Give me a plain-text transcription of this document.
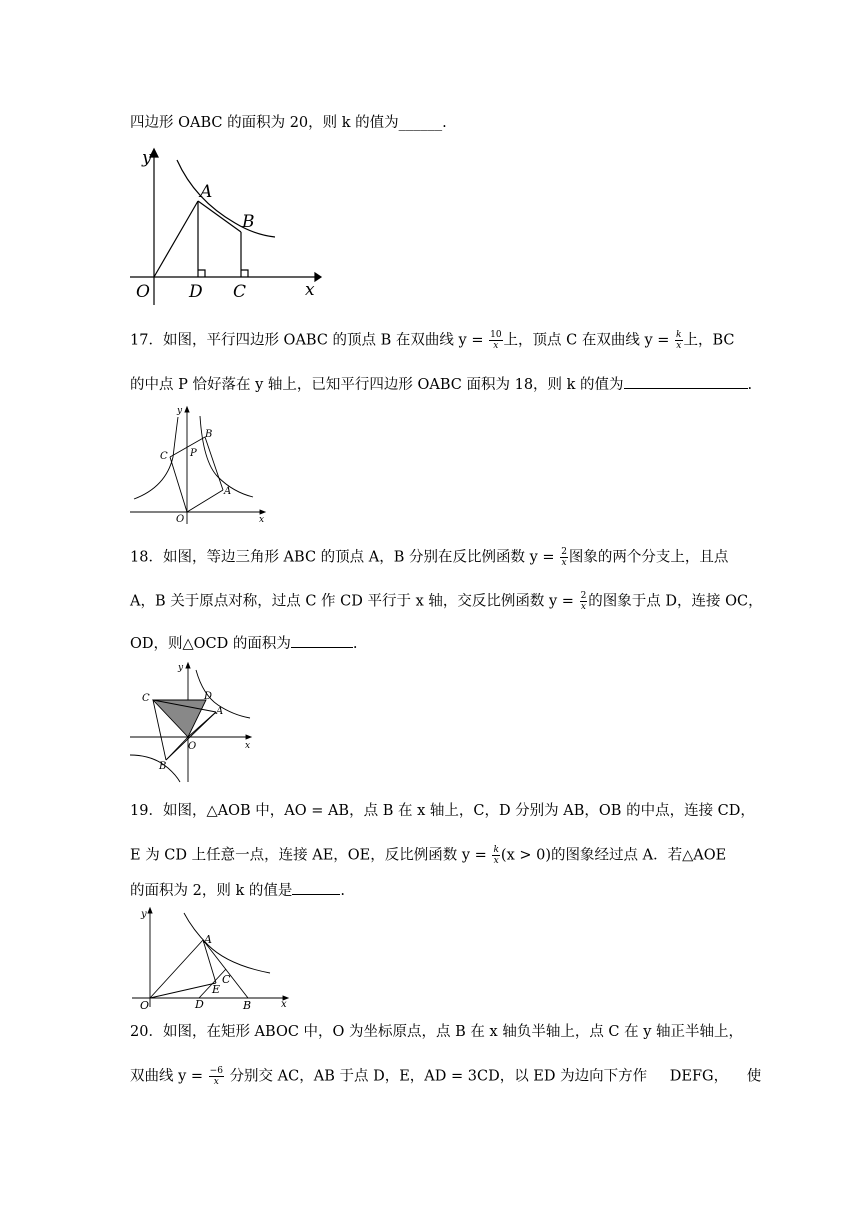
四边形 OABC 的面积为 20，则 k 的值为______.
y
x
O
A
B
D C
17．如图，平行四边形 OABC 的顶点 B 在双曲线 $y = \frac{10}{x}$ 上，顶点 C 在双曲线 $y = \frac{k}{x}$ 上，BC
的中点 P 恰好落在 y 轴上，已知平行四边形 OABC 面积为 18，则 k 的值为	.
y
x
O
A
B
C P
18．如图，等边三角形 ABC 的顶点 A，B 分别在反比例函数 $y = \frac{2}{x}$ 图象的两个分支上，且点
A，B 关于原点对称，过点 C 作 CD 平行于 x 轴，交反比例函数 $y = \frac{2}{x}$ 的图象于点 D，连接 OC，
OD，则△OCD 的面积为	.
y
x
O
A
B
C	D
19．如图，△AOB 中，AO = AB，点 B 在 x 轴上，C，D 分别为 AB，OB 的中点，连接 CD，
E 为 CD 上任意一点，连接 AE，OE，反比例函数 $y = \frac{k}{x} (x > 0)$的图象经过点 A．若△AOE
的面积为 2，则 k 的值是	.
y
x
O
A
B
C
D
E
20．如图，在矩形 ABOC 中，O 为坐标原点，点 B 在 x 轴负半轴上，点 C 在 y 轴正半轴上，
双曲线 $y = \frac{-6}{x}$ 分别交 AC，AB 于点 D，E，AD = 3CD，以 ED 为边向下方作 DEFG， 使
